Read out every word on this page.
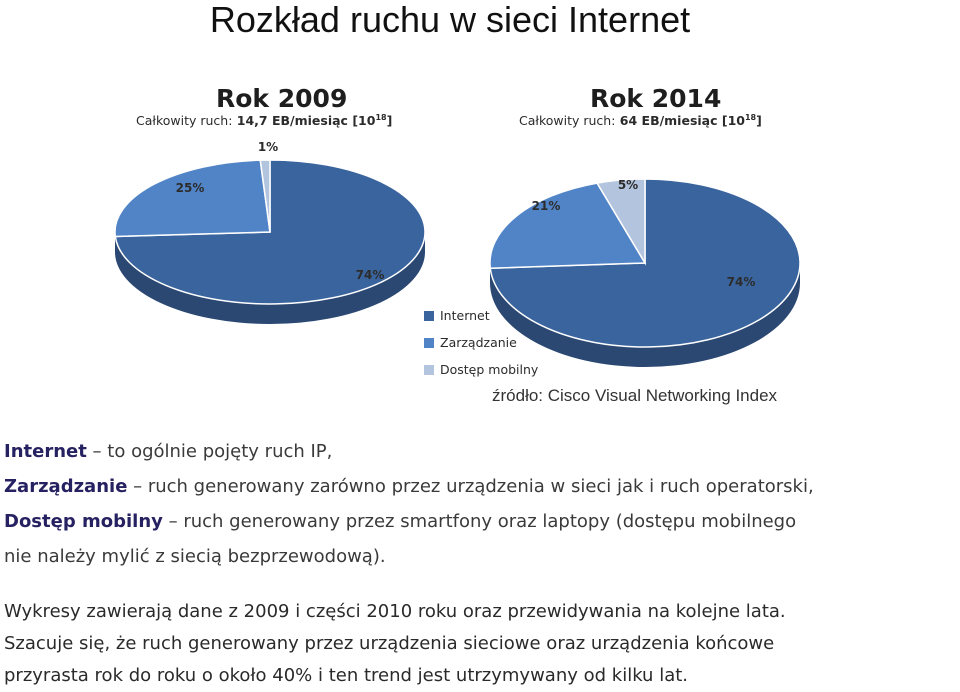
Rozkład ruchu w sieci Internet
Rok 2009
Całkowity ruch: 14,7 EB/miesiąc $[10^{18}]$
Rok 2014
Całkowity ruch: 64 EB/miesiąc $[10^{18}]$
74%
25%
1%
74%
21%
5%
Internet
Zarządzanie
Dostęp mobilny
źródło: Cisco Visual Networking Index
Internet – to ogólnie pojęty ruch IP,
Zarządzanie – ruch generowany zarówno przez urządzenia w sieci jak i ruch operatorski,
Dostęp mobilny – ruch generowany przez smartfony oraz laptopy (dostępu mobilnego
nie należy mylić z siecią bezprzewodową).
Wykresy zawierają dane z 2009 i części 2010 roku oraz przewidywania na kolejne lata.
Szacuje się, że ruch generowany przez urządzenia sieciowe oraz urządzenia końcowe
przyrasta rok do roku o około 40% i ten trend jest utrzymywany od kilku lat.
